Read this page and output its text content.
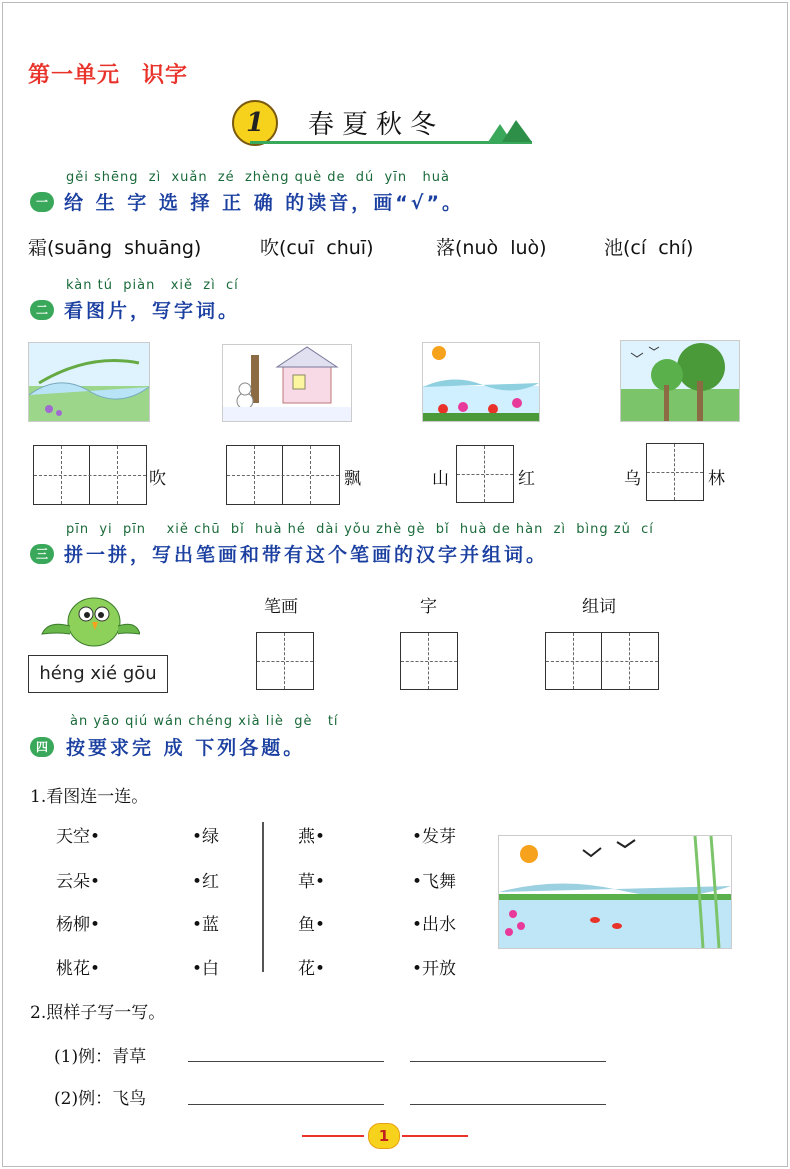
第一单元 识字
1	春夏秋冬
gěi shēng  zì  xuǎn  zé  zhèng què de  dú  yīn   huà
一 给 生 字 选 择 正 确 的读音，画“√”。
霜(suāng  shuāng)	吹(cuī  chuī)	落(nuò  luò)	池(cí  chí)
kàn tú  piàn   xiě  zì  cí
二 看图片，写字词。
吹	飘	山	红	乌	林
pīn  yi  pīn    xiě chū  bǐ  huà hé  dài yǒu zhè gè  bǐ  huà de hàn  zì  bìng zǔ  cí
三 拼一拼，写出笔画和带有这个笔画的汉字并组词。
héng xié gōu
笔画	字	组词
àn yāo qiú wán chéng xià liè  gè   tí
四 按要求完 成 下列各题。
1.看图连一连。
天空•
云朵•
杨柳•
桃花•
•绿
•红
•蓝
•白
燕•
草•
鱼•
花•
•发芽
•飞舞
•出水
•开放
2.照样子写一写。
(1)例：青草
(2)例：飞鸟
1
